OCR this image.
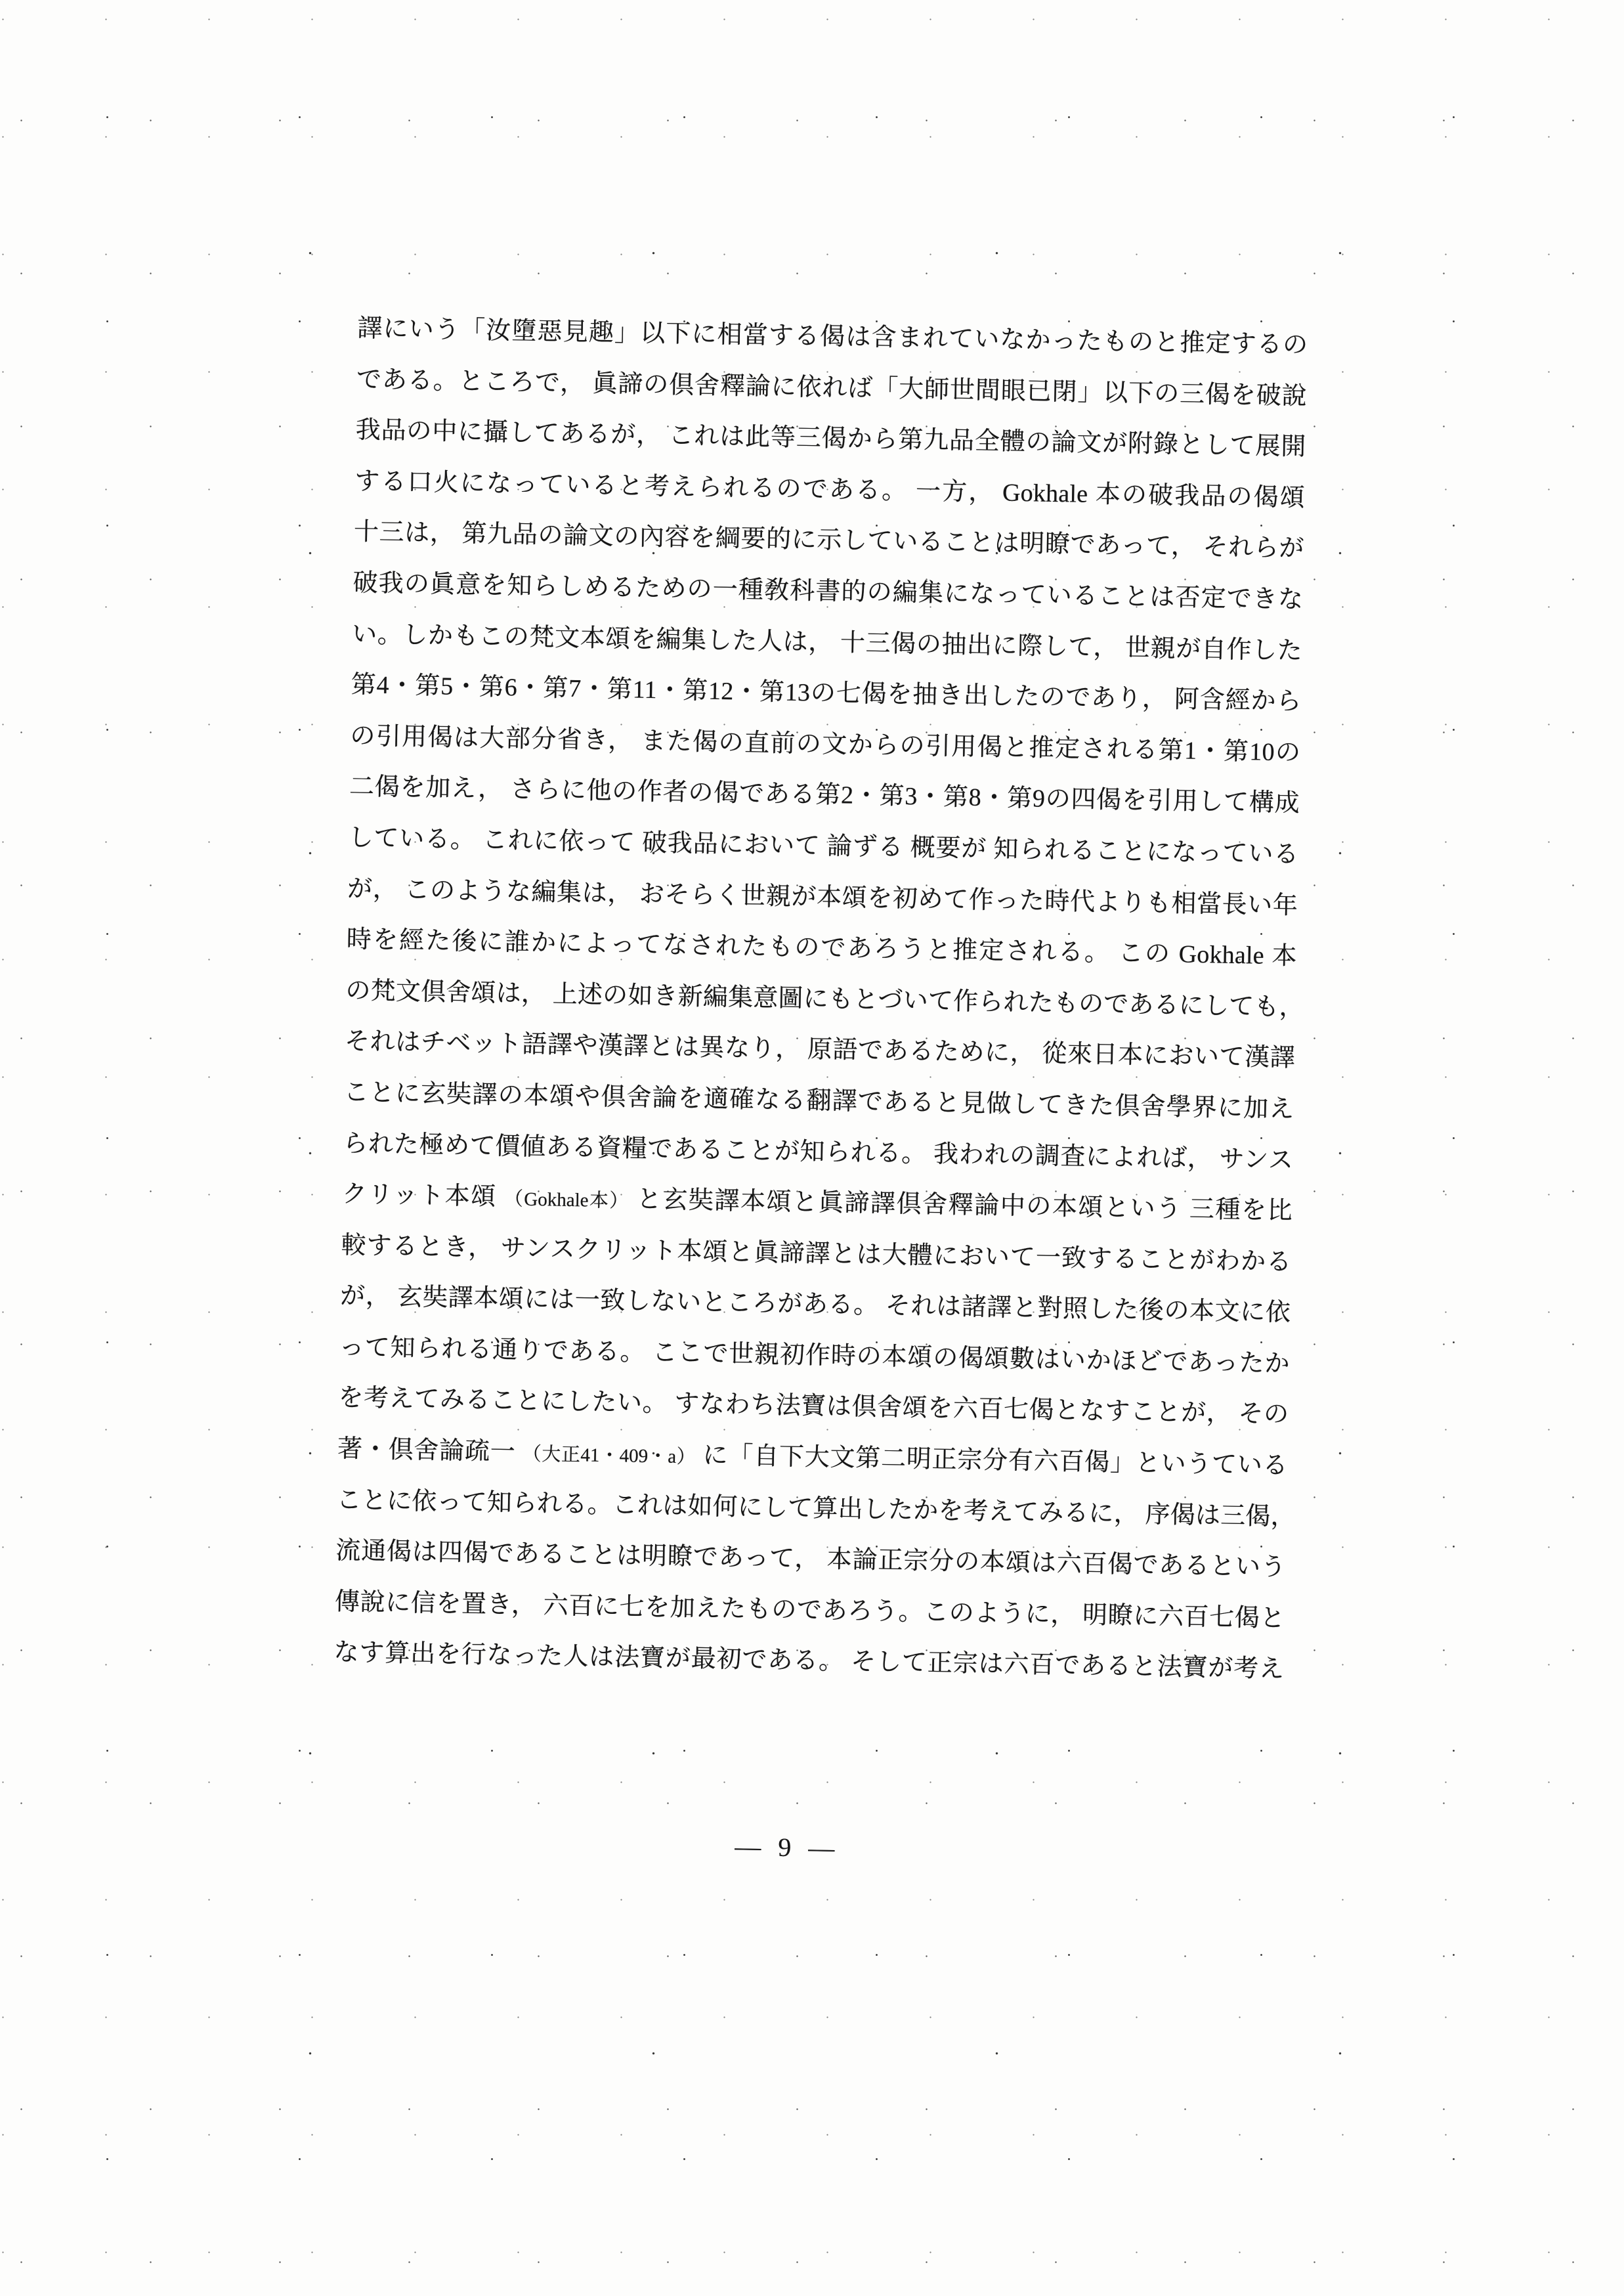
譯にいう「汝墮惡見趣」以下に相當する偈は含まれていなかったものと推定するの
である。ところで， 眞諦の倶舍釋論に依れば「大師世間眼已閉」以下の三偈を破說
我品の中に攝してあるが， これは此等三偈から第九品全體の論文が附錄として展開
する口火になっていると考えられるのである。 一方， Gokhale 本の破我品の偈頌
十三は， 第九品の論文の內容を綱要的に示していることは明瞭であって， それらが
破我の眞意を知らしめるための一種敎科書的の編集になっていることは否定できな
い。しかもこの梵文本頌を編集した人は， 十三偈の抽出に際して， 世親が自作した
第4・第5・第6・第7・第11・第12・第13の七偈を抽き出したのであり， 阿含經から
の引用偈は大部分省き， また偈の直前の文からの引用偈と推定される第1・第10の
二偈を加え， さらに他の作者の偈である第2・第3・第8・第9の四偈を引用して構成
している。 これに依って 破我品において 論ずる 概要が 知られることになっている
が， このような編集は， おそらく世親が本頌を初めて作った時代よりも相當長い年
時を經た後に誰かによってなされたものであろうと推定される。 この Gokhale 本
の梵文倶舍頌は， 上述の如き新編集意圖にもとづいて作られたものであるにしても，
それはチベット語譯や漢譯とは異なり， 原語であるために， 從來日本において漢譯
ことに玄奘譯の本頌や倶舍論を適確なる翻譯であると見做してきた倶舍學界に加え
られた極めて價値ある資糧であることが知られる。 我われの調査によれば， サンス
クリット本頌 （Gokhale本） と玄奘譯本頌と眞諦譯倶舍釋論中の本頌という 三種を比
較するとき， サンスクリット本頌と眞諦譯とは大體において一致することがわかる
が， 玄奘譯本頌には一致しないところがある。 それは諸譯と對照した後の本文に依
って知られる通りである。 ここで世親初作時の本頌の偈頌數はいかほどであったか
を考えてみることにしたい。 すなわち法寶は倶舍頌を六百七偈となすことが， その
著・倶舍論疏一 （大正41・409・a） に「自下大文第二明正宗分有六百偈」というている
ことに依って知られる。これは如何にして算出したかを考えてみるに， 序偈は三偈，
流通偈は四偈であることは明瞭であって， 本論正宗分の本頌は六百偈であるという
傳說に信を置き， 六百に七を加えたものであろう。このように， 明瞭に六百七偈と
なす算出を行なった人は法寶が最初である。 そして正宗は六百であると法寶が考え
— 9 —
